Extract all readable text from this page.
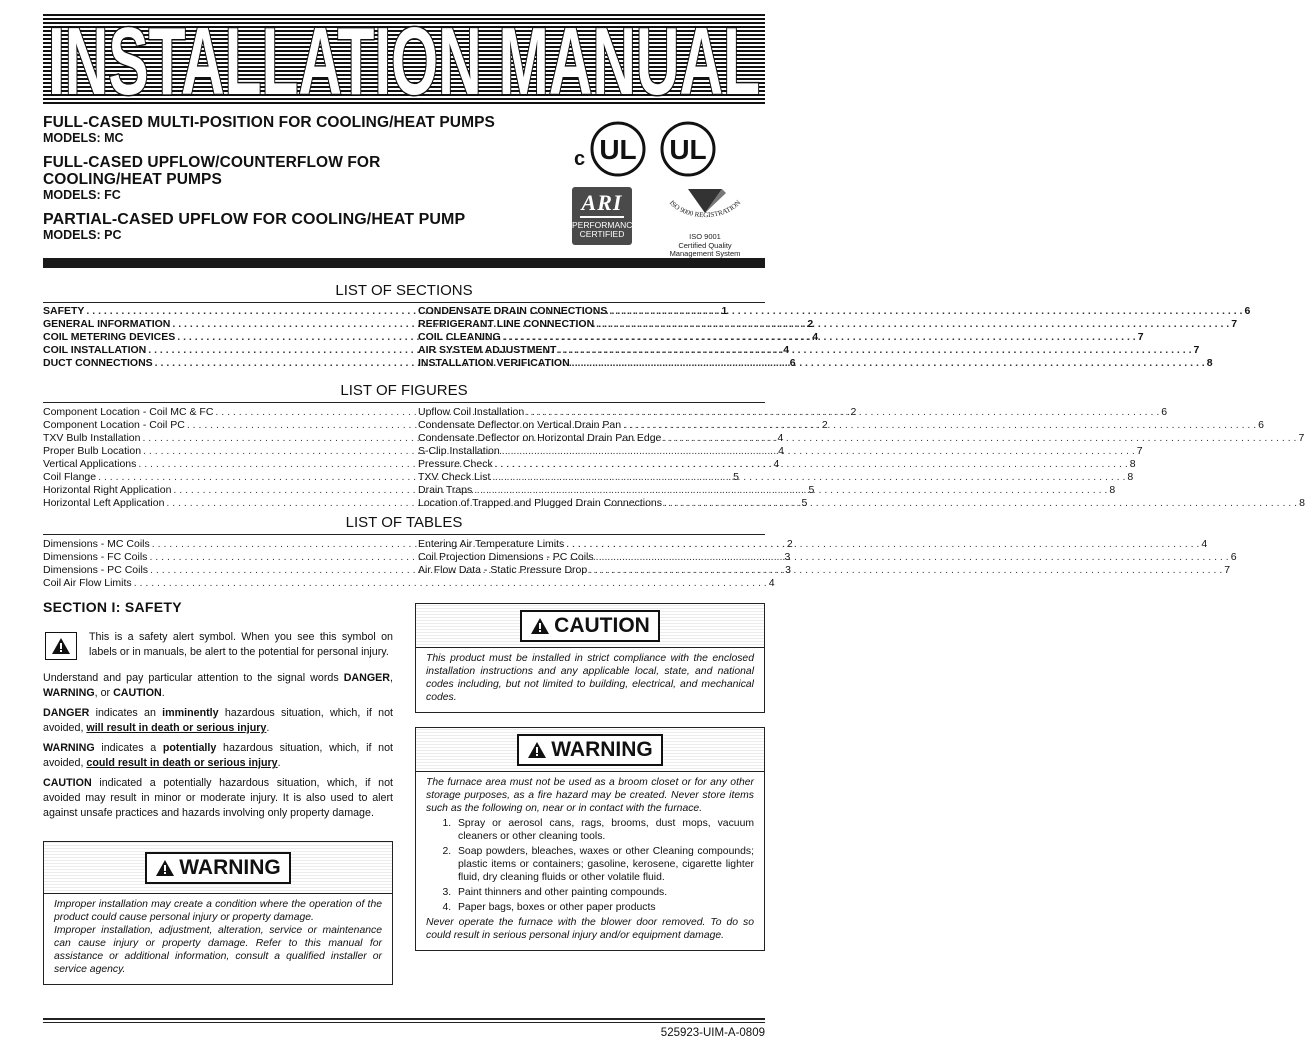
INSTALLATION MANUAL
FULL-CASED MULTI-POSITION FOR COOLING/HEAT PUMPS
MODELS: MC
FULL-CASED UPFLOW/COUNTERFLOW FOR COOLING/HEAT PUMPS
MODELS: FC
PARTIAL-CASED UPFLOW FOR COOLING/HEAT PUMP
MODELS: PC
c UL UL
ARI
PERFORMANCE
CERTIFIED
ISO 9000 REGISTRATION
ISO 9001
Certified Quality
Management System
LIST OF SECTIONS
SAFETY . . .	1
GENERAL INFORMATION . . .	2
COIL METERING DEVICES . . .	4
COIL INSTALLATION . . .	4
DUCT CONNECTIONS . . .	6
CONDENSATE DRAIN CONNECTIONS . . .	6
REFRIGERANT LINE CONNECTION . . .	7
COIL CLEANING . . .	7
AIR SYSTEM ADJUSTMENT . . .	7
INSTALLATION VERIFICATION . . .	8
LIST OF FIGURES
Component Location - Coil MC & FC . . .	2
Component Location - Coil PC . . .	2
TXV Bulb Installation . . .	4
Proper Bulb Location . . .	4
Vertical Applications . . .	4
Coil Flange . . .	5
Horizontal Right Application . . .	5
Horizontal Left Application . . .	5
Upflow Coil Installation . . .	6
Condensate Deflector on Vertical Drain Pan . . .	6
Condensate Deflector on Horizontal Drain Pan Edge . . .	7
S-Clip Installation . . .	7
Pressure Check . . .	8
TXV Check List . . .	8
Drain Traps . . .	8
Location of Trapped and Plugged Drain Connections . . .	8
LIST OF TABLES
Dimensions - MC Coils . . .	2
Dimensions - FC Coils . . .	3
Dimensions - PC Coils . . .	3
Coil Air Flow Limits . . .	4
Entering Air Temperature Limits . . .	4
Coil Projection Dimensions - PC Coils . . .	6
Air Flow Data - Static Pressure Drop . . .	7
SECTION I: SAFETY

This is a safety alert symbol. When you see this symbol on labels or in manuals, be alert to the potential for personal injury.

Understand and pay particular attention to the signal words DANGER, WARNING, or CAUTION.

DANGER indicates an imminently hazardous situation, which, if not avoided, will result in death or serious injury.

WARNING indicates a potentially hazardous situation, which, if not avoided, could result in death or serious injury.

CAUTION indicated a potentially hazardous situation, which, if not avoided may result in minor or moderate injury. It is also used to alert against unsafe practices and hazards involving only property damage.

WARNING
Improper installation may create a condition where the operation of the product could cause personal injury or property damage.
Improper installation, adjustment, alteration, service or maintenance can cause injury or property damage. Refer to this manual for assistance or additional information, consult a qualified installer or service agency.
CAUTION
This product must be installed in strict compliance with the enclosed installation instructions and any applicable local, state, and national codes including, but not limited to building, electrical, and mechanical codes.
WARNING
The furnace area must not be used as a broom closet or for any other storage purposes, as a fire hazard may be created. Never store items such as the following on, near or in contact with the furnace.
1. Spray or aerosol cans, rags, brooms, dust mops, vacuum cleaners or other cleaning tools.
2. Soap powders, bleaches, waxes or other Cleaning compounds; plastic items or containers; gasoline, kerosene, cigarette lighter fluid, dry cleaning fluids or other volatile fluid.
3. Paint thinners and other painting compounds.
4. Paper bags, boxes or other paper products
Never operate the furnace with the blower door removed. To do so could result in serious personal injury and/or equipment damage.
525923-UIM-A-0809
